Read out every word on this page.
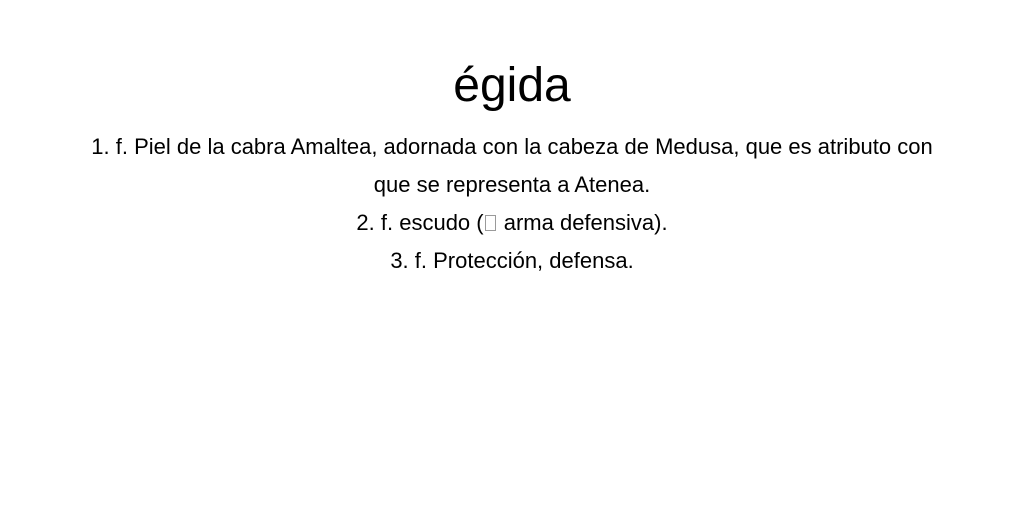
égida
1. f. Piel de la cabra Amaltea, adornada con la cabeza de Medusa, que es atributo con que se representa a Atenea.
2. f. escudo ( arma defensiva).
3. f. Protección, defensa.
